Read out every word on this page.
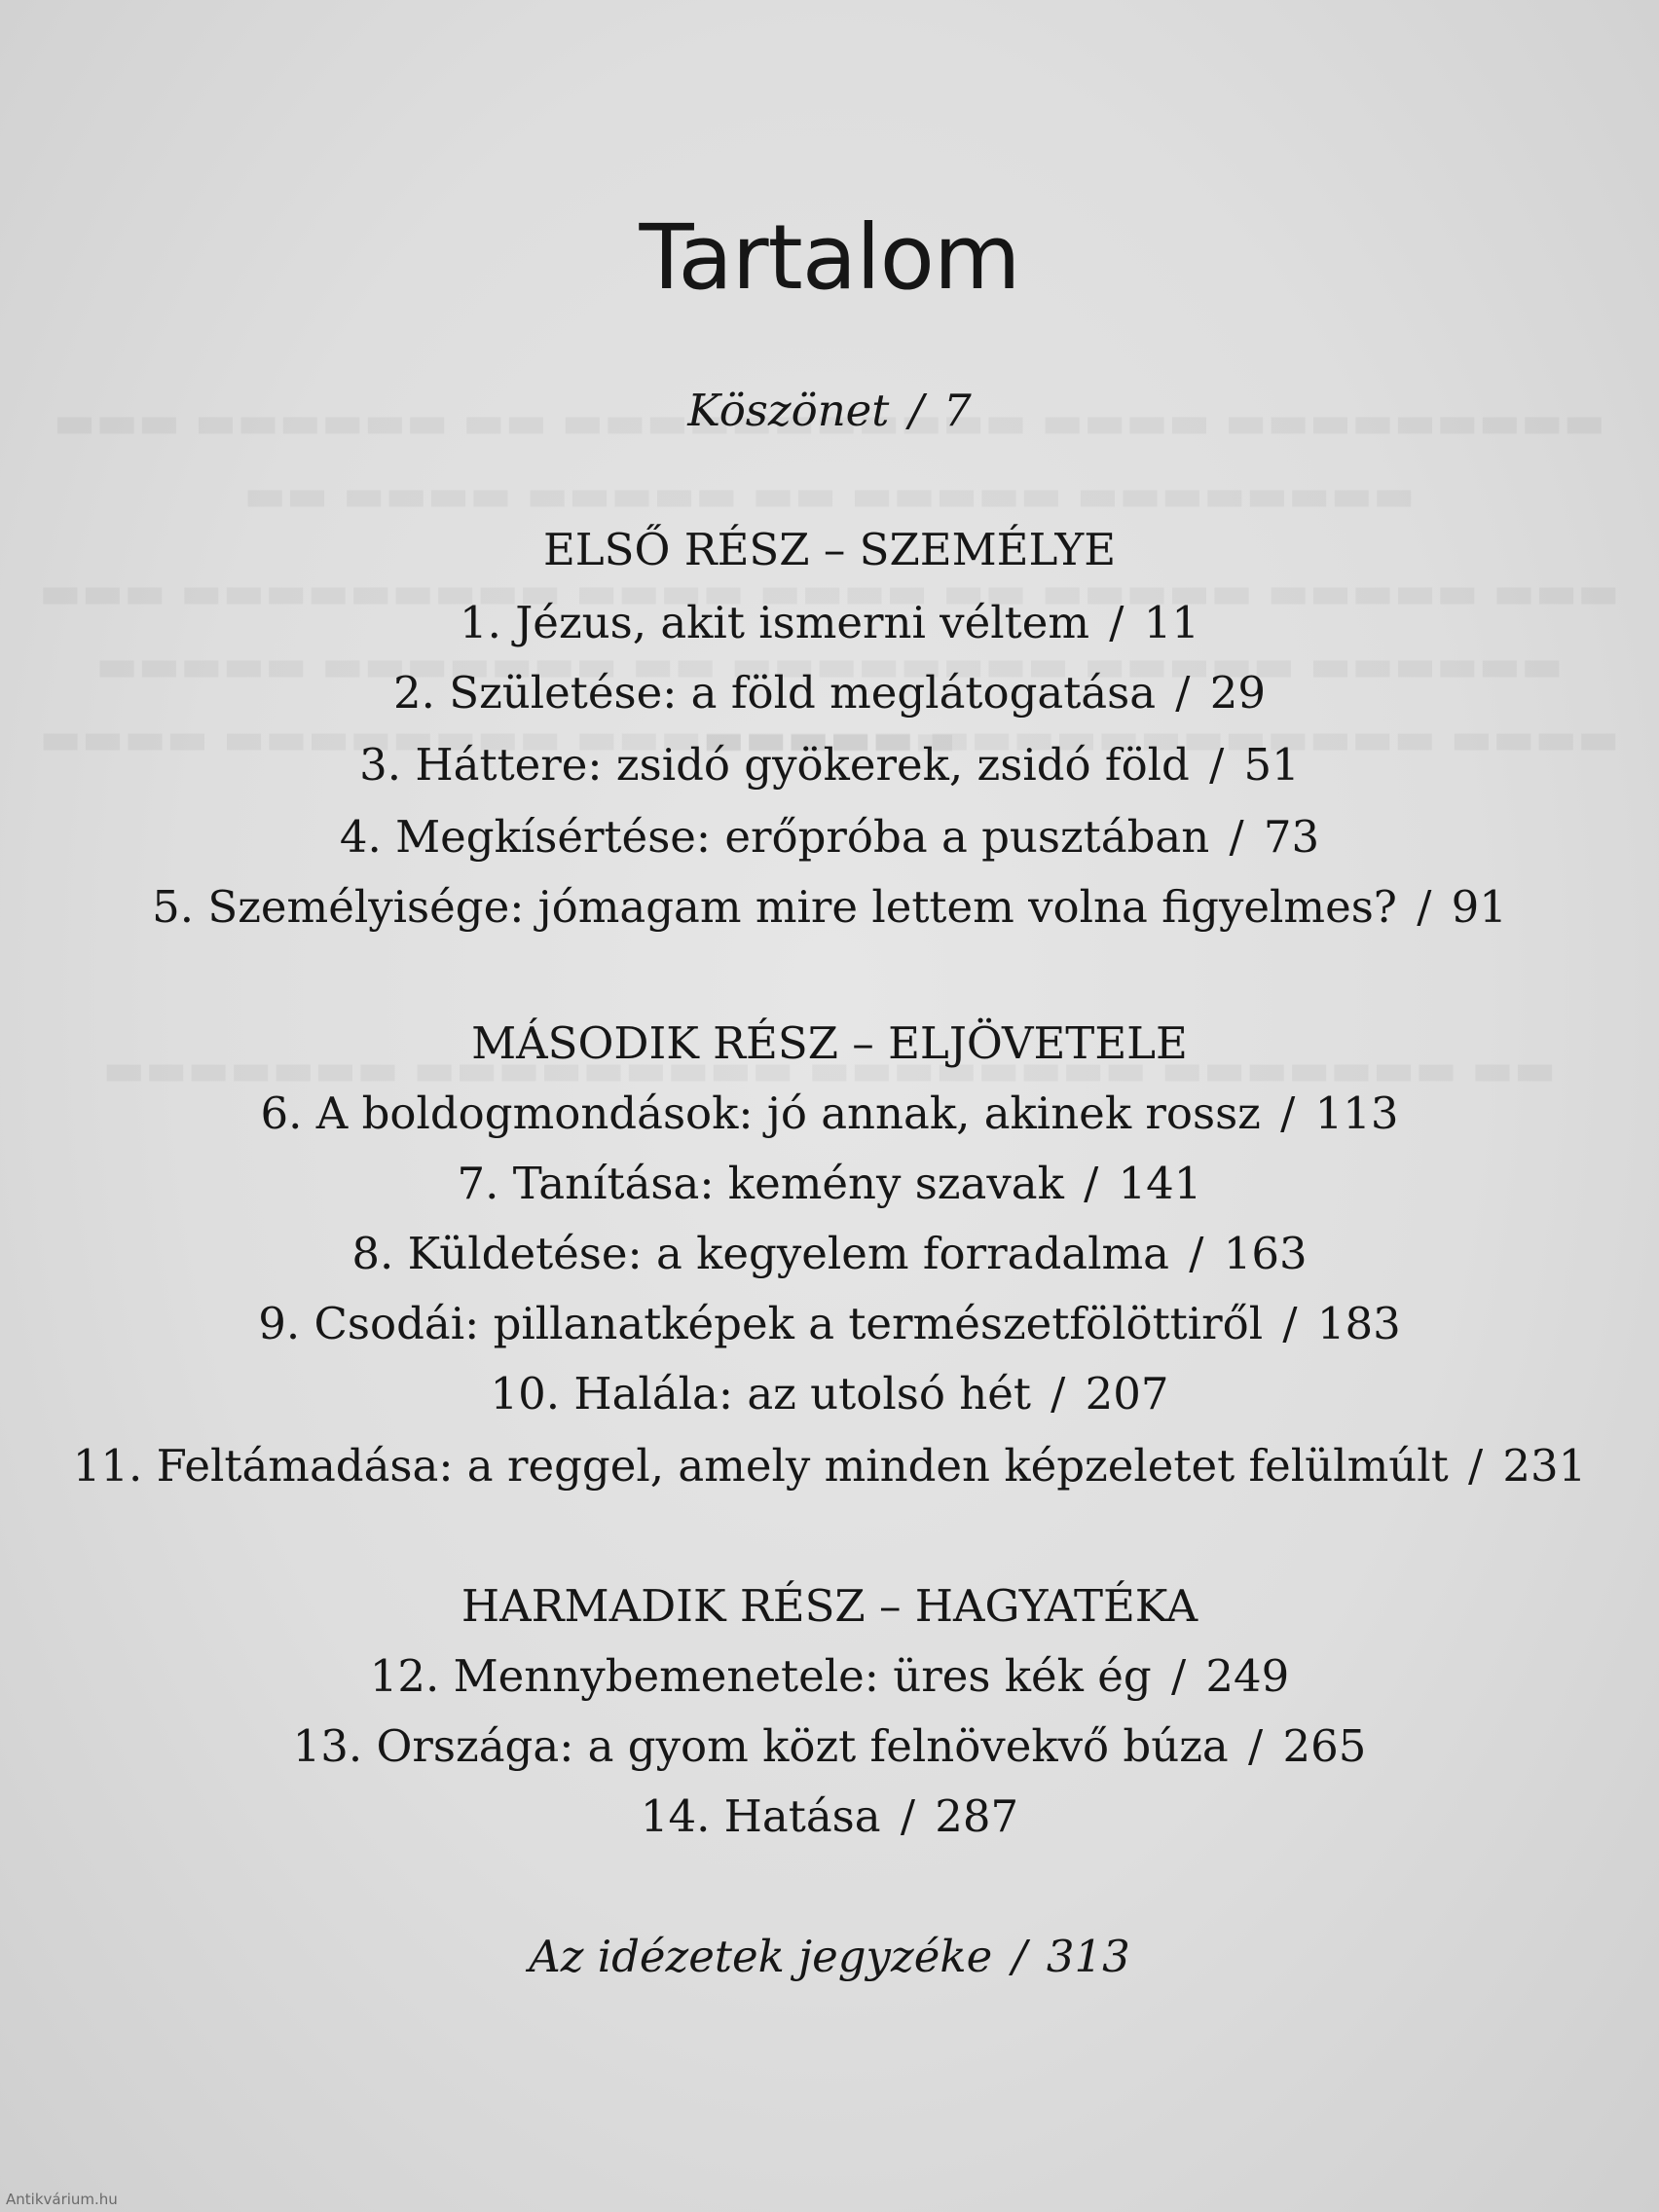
Tartalom
Köszönet / 7
ELSŐ RÉSZ – SZEMÉLYE
1. Jézus, akit ismerni véltem / 11
2. Születése: a föld meglátogatása / 29
3. Háttere: zsidó gyökerek, zsidó föld / 51
4. Megkísértése: erőpróba a pusztában / 73
5. Személyisége: jómagam mire lettem volna figyelmes? / 91
MÁSODIK RÉSZ – ELJÖVETELE
6. A boldogmondások: jó annak, akinek rossz / 113
7. Tanítása: kemény szavak / 141
8. Küldetése: a kegyelem forradalma / 163
9. Csodái: pillanatképek a természetfölöttiről / 183
10. Halála: az utolsó hét / 207
11. Feltámadása: a reggel, amely minden képzeletet felülmúlt / 231
HARMADIK RÉSZ – HAGYATÉKA
12. Mennybemenetele: üres kék ég / 249
13. Országa: a gyom közt felnövekvő búza / 265
14. Hatása / 287
Az idézetek jegyzéke / 313
Antikvárium.hu
